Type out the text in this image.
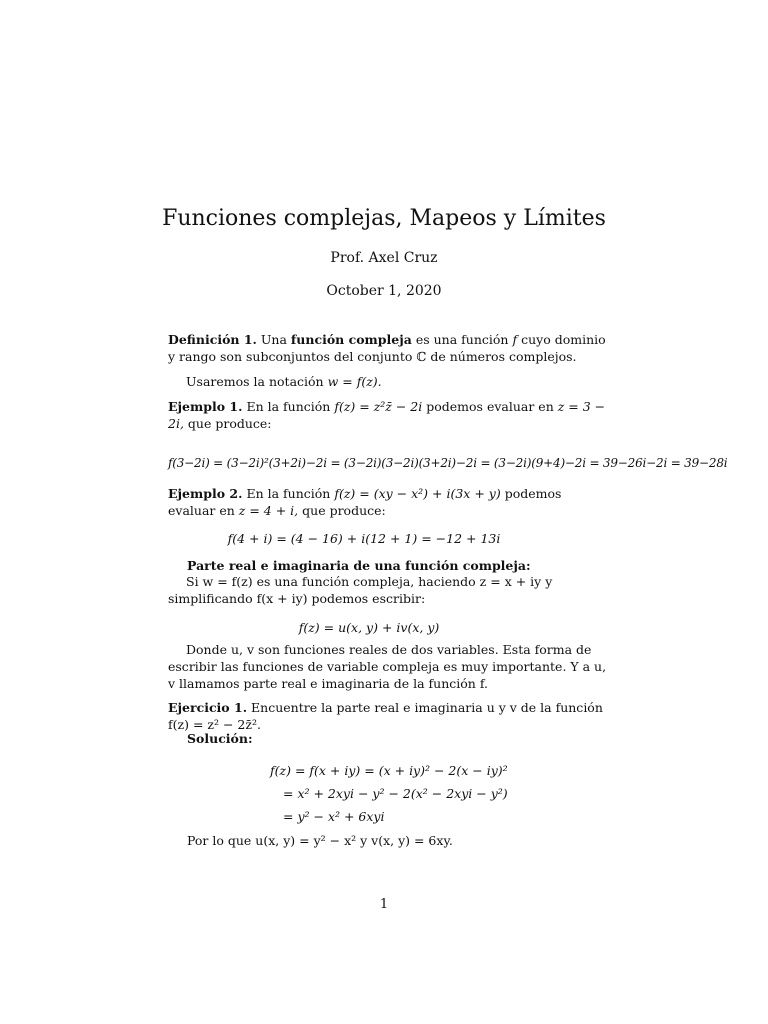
Funciones complejas, Mapeos y Límites
Prof. Axel Cruz
October 1, 2020
Definición 1. Una función compleja es una función f cuyo dominio y rango son subconjuntos del conjunto ℂ de números complejos.
Usaremos la notación w = f(z).
Ejemplo 1. En la función f(z) = z²z̄ − 2i podemos evaluar en z = 3 − 2i, que produce:
f(3−2i) = (3−2i)²(3+2i)−2i = (3−2i)(3−2i)(3+2i)−2i = (3−2i)(9+4)−2i = 39−26i−2i = 39−28i
Ejemplo 2. En la función f(z) = (xy − x²) + i(3x + y) podemos evaluar en z = 4 + i, que produce:
f(4 + i) = (4 − 16) + i(12 + 1) = −12 + 13i
Parte real e imaginaria de una función compleja:
Si w = f(z) es una función compleja, haciendo z = x + iy y simplificando f(x + iy) podemos escribir:
f(z) = u(x, y) + iv(x, y)
Donde u, v son funciones reales de dos variables. Esta forma de escribir las funciones de variable compleja es muy importante. Y a u, v llamamos parte real e imaginaria de la función f.
Ejercicio 1. Encuentre la parte real e imaginaria u y v de la función f(z) = z² − 2z̄².
Solución:
f(z) = f(x + iy) = (x + iy)² − 2(x − iy)²
= x² + 2xyi − y² − 2(x² − 2xyi − y²)
= y² − x² + 6xyi
Por lo que u(x, y) = y² − x² y v(x, y) = 6xy.
1
